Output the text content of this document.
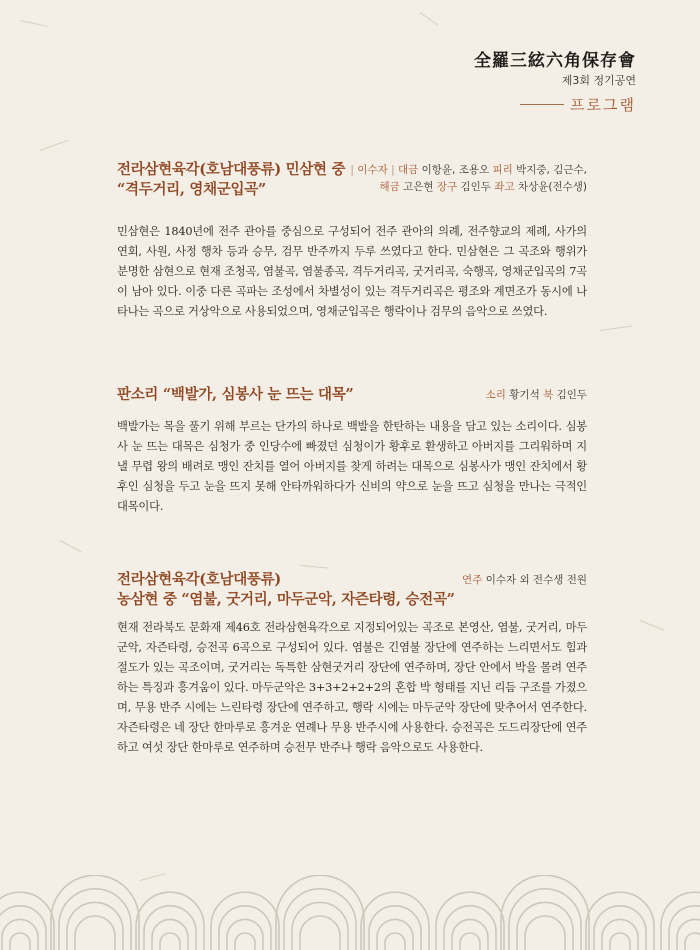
全羅三絃六角保存會
제3회 정기공연
프로그램
전라삼현육각(호남대풍류) 민삼현 중
“격두거리, 영채군입곡”
| 이수자 | 대금 이항윤, 조용오 피리 박지중, 김근수,
해금 고은현 장구 김인두 좌고 차상윤(전수생)

민삼현은 1840년에 전주 관아를 중심으로 구성되어 전주 관아의 의례, 전주향교의 제례, 사가의 연회, 사원, 사정 행차 등과 승무, 검무 반주까지 두루 쓰였다고 한다. 민삼현은 그 곡조와 행위가 분명한 삼현으로 현재 조청곡, 염불곡, 염불종곡, 격두거리곡, 굿거리곡, 숙행곡, 영채군입곡의 7곡이 남아 있다. 이중 다른 곡파는 조성에서 차별성이 있는 격두거리곡은 평조와 계면조가 동시에 나타나는 곡으로 거상악으로 사용되었으며, 영채군입곡은 행락이나 검무의 음악으로 쓰였다.

판소리 “백발가, 심봉사 눈 뜨는 대목”	소리 황기석 북 김인두

백발가는 목을 풀기 위해 부르는 단가의 하나로 백발을 한탄하는 내용을 담고 있는 소리이다. 심봉사 눈 뜨는 대목은 심청가 중 인당수에 빠졌던 심청이가 황후로 환생하고 아버지를 그리워하며 지낼 무렵 왕의 배려로 맹인 잔치를 열어 아버지를 찾게 하려는 대목으로 심봉사가 맹인 잔치에서 황후인 심청을 두고 눈을 뜨지 못해 안타까워하다가 신비의 약으로 눈을 뜨고 심청을 만나는 극적인 대목이다.

전라삼현육각(호남대풍류)
농삼현 중 “염불, 굿거리, 마두군악, 자즌타령, 승전곡”
연주 이수자 외 전수생 전원

현재 전라북도 문화재 제46호 전라삼현육각으로 지정되어있는 곡조로 본영산, 염불, 굿거리, 마두군악, 자즌타령, 승전곡 6곡으로 구성되어 있다. 염불은 긴염불 장단에 연주하는 느리면서도 힘과 절도가 있는 곡조이며, 굿거리는 독특한 삼현굿거리 장단에 연주하며, 장단 안에서 박을 몰려 연주하는 특징과 흥겨움이 있다. 마두군악은 3+3+2+2+2의 혼합 박 형태를 지닌 리듬 구조를 가졌으며, 무용 반주 시에는 느린타령 장단에 연주하고, 행락 시에는 마두군악 장단에 맞추어서 연주한다. 자즌타령은 네 장단 한마루로 흥겨운 연례나 무용 반주시에 사용한다. 승전곡은 도드리장단에 연주하고 여섯 장단 한마루로 연주하며 승전무 반주나 행락 음악으로도 사용한다.
